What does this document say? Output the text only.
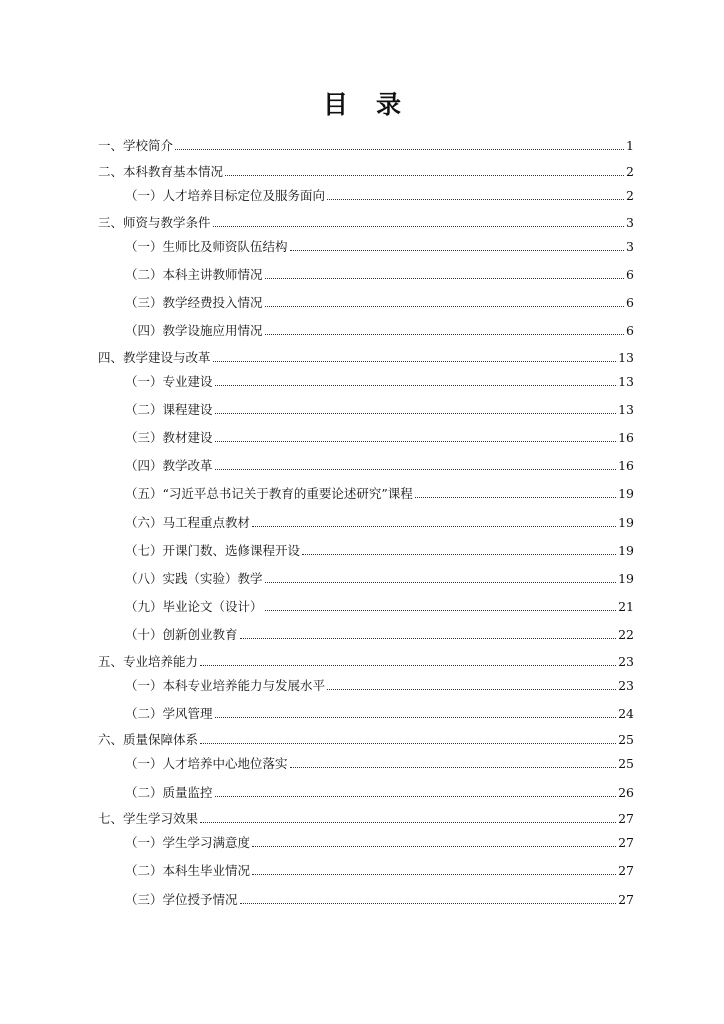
目录
一、学校简介	1
二、本科教育基本情况	2
（一）人才培养目标定位及服务面向	2
三、师资与教学条件	3
（一）生师比及师资队伍结构	3
（二）本科主讲教师情况	6
（三）教学经费投入情况	6
（四）教学设施应用情况	6
四、教学建设与改革	13
（一）专业建设	13
（二）课程建设	13
（三）教材建设	16
（四）教学改革	16
（五）“习近平总书记关于教育的重要论述研究”课程	19
（六）马工程重点教材	19
（七）开课门数、选修课程开设	19
（八）实践（实验）教学	19
（九）毕业论文（设计）	21
（十）创新创业教育	22
五、专业培养能力	23
（一）本科专业培养能力与发展水平	23
（二）学风管理	24
六、质量保障体系	25
（一）人才培养中心地位落实	25
（二）质量监控	26
七、学生学习效果	27
（一）学生学习满意度	27
（二）本科生毕业情况	27
（三）学位授予情况	27
